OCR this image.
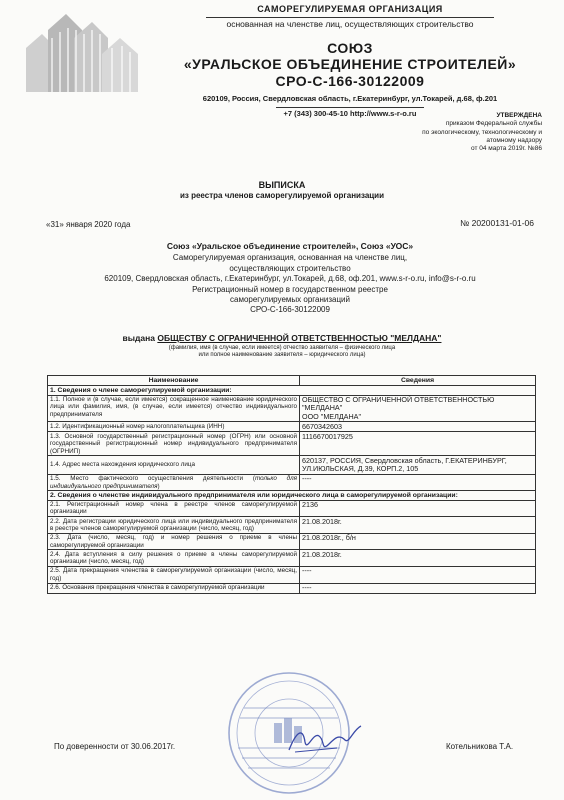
САМОРЕГУЛИРУЕМАЯ ОРГАНИЗАЦИЯ
основанная на членстве лиц, осуществляющих строительство
СОЮЗ
«УРАЛЬСКОЕ ОБЪЕДИНЕНИЕ СТРОИТЕЛЕЙ»
СРО-С-166-30122009
620109, Россия, Свердловская область, г.Екатеринбург, ул.Токарей, д.68, ф.201
+7 (343) 300-45-10 http://www.s-r-o.ru	УТВЕРЖДЕНА
приказом Федеральной службы
по экологическому, технологическому и
атомному надзору
от 04 марта 2019г. №86
ВЫПИСКА
из реестра членов саморегулируемой организации
«31» января 2020 года	№ 20200131-01-06
Союз «Уральское объединение строителей», Союз «УОС»
Саморегулируемая организация, основанная на членстве лиц,
осуществляющих строительство
620109, Свердловская область, г.Екатеринбург, ул.Токарей, д.68, оф.201, www.s-r-o.ru, info@s-r-o.ru
Регистрационный номер в государственном реестре
саморегулируемых организаций
СРО-С-166-30122009
выдана ОБЩЕСТВУ С ОГРАНИЧЕННОЙ ОТВЕТСТВЕННОСТЬЮ "МЕЛДАНА"
(фамилия, имя (в случае, если имеется) отчество заявителя – физического лица
или полное наименование заявителя – юридического лица)
Наименование	Сведения
1. Сведения о члене саморегулируемой организации:	
1.1. Полное и (в случае, если имеется) сокращенное наименование юридического лица или фамилия, имя, (в случае, если имеется) отчество индивидуального предпринимателя	ОБЩЕСТВО С ОГРАНИЧЕННОЙ ОТВЕТСТВЕННОСТЬЮ "МЕЛДАНА"
ООО "МЕЛДАНА"

1.2. Идентификационный номер налогоплательщика (ИНН)	6670342603
1.3. Основной государственный регистрационный номер (ОГРН) или основной государственный регистрационный номер индивидуального предпринимателя (ОГРНИП)	1116670017925
1.4. Адрес места нахождения юридического лица	620137, РОССИЯ, Свердловская область, Г.ЕКАТЕРИНБУРГ, УЛ.ИЮЛЬСКАЯ, Д.39, КОРП.2, 105
1.5. Место фактического осуществления деятельности (только для индивидуального предпринимателя)	----
2. Сведения о членстве индивидуального предпринимателя или юридического лица в саморегулируемой организации:	
2.1. Регистрационный номер члена в реестре членов саморегулируемой организации	2136
2.2. Дата регистрации юридического лица или индивидуального предпринимателя в реестре членов саморегулируемой организации (число, месяц, год)	21.08.2018г.
2.3. Дата (число, месяц, год) и номер решения о приеме в члены саморегулируемой организации	21.08.2018г., б/н
2.4. Дата вступления в силу решения о приеме в члены саморегулируемой организации (число, месяц, год)	21.08.2018г.
2.5. Дата прекращения членства в саморегулируемой организации (число, месяц, год)	----
2.6. Основания прекращения членства в саморегулируемой организации	----
По доверенности от 30.06.2017г.	Котельникова Т.А.
